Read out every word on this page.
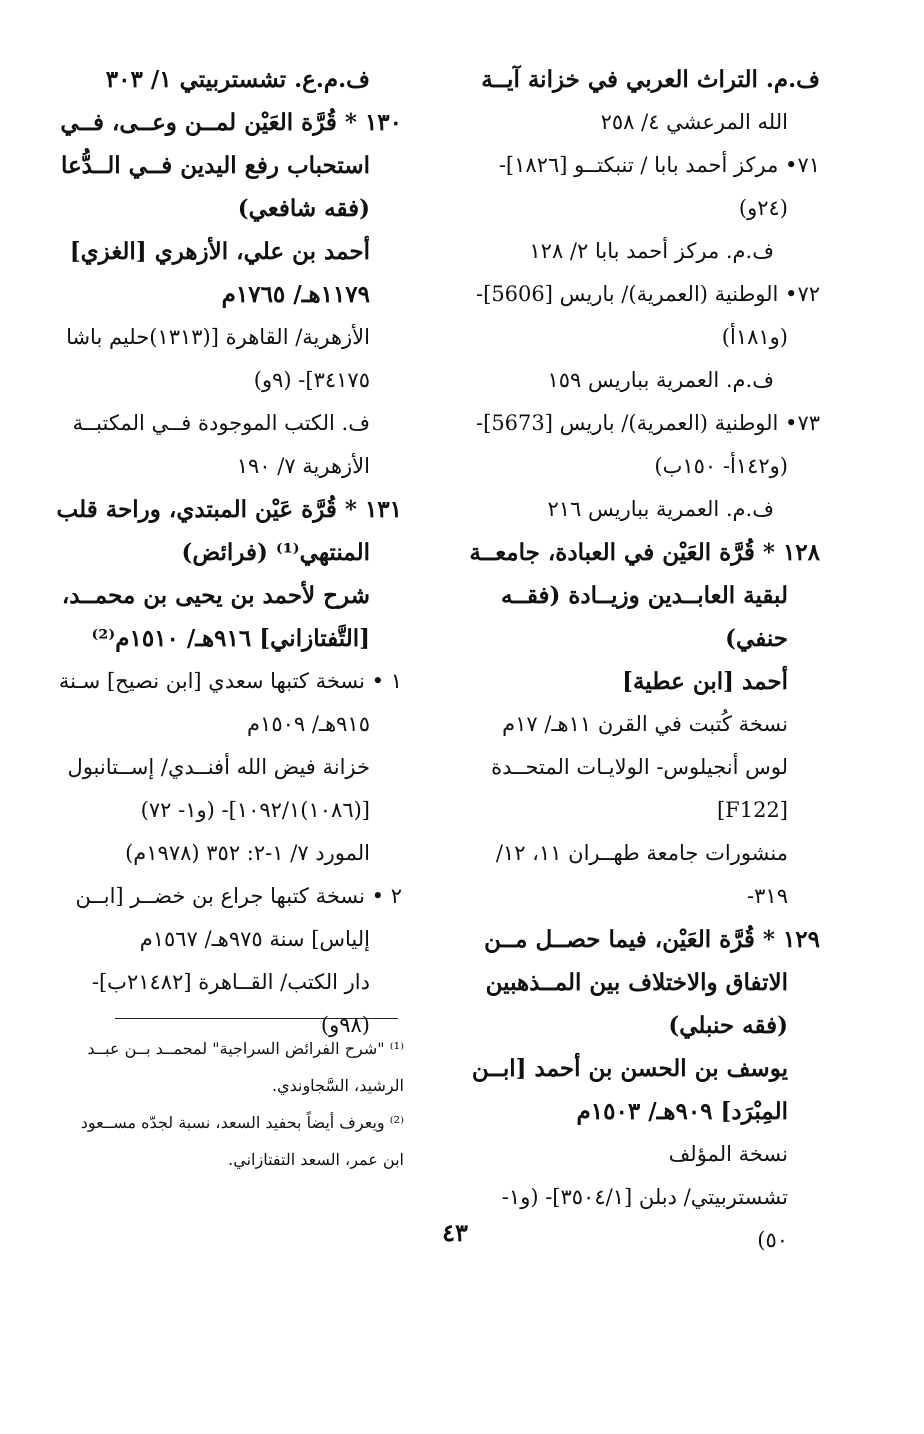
ف.م. التراث العربي في خزانة آيــة
الله المرعشي ٤/ ٢٥٨
٧١• مركز أحمد بابا / تنبكتــو [١٨٢٦]-
(٢٤و)
ف.م. مركز أحمد بابا ٢/ ١٢٨
٧٢• الوطنية (العمرية)/ باريس [5606]-
(و١٨١أ)
ف.م. العمرية بباريس ١٥٩
٧٣• الوطنية (العمرية)/ باريس [5673]-
(و١٤٢أ- ١٥٠ب)
ف.م. العمرية بباريس ٢١٦
١٢٨ * قُرَّة العَيْن في العبادة، جامعــة
لبقية العابــدين وزيــادة (فقــه
حنفي)
أحمد [ابن عطية]
نسخة كُتبت في القرن ١١هـ/ ١٧م
لوس أنجيلوس- الولايـات المتحــدة
[F122]
منشورات جامعة طهــران ١١، ١٢/
٣١٩-
١٢٩ * قُرَّة العَيْن، فيما حصــل مــن
الاتفاق والاختلاف بين المــذهبين
(فقه حنبلي)
يوسف بن الحسن بن أحمد [ابــن
المِبْرَد] ٩٠٩هـ/ ١٥٠٣م
نسخة المؤلف
تشستربيتي/ دبلن [٣٥٠٤/١]- (و١-
٥٠)
ف.م.ع. تشستربيتي ١/ ٣٠٣
١٣٠ * قُرَّة العَيْن لمــن وعــى، فــي
استحباب رفع اليدين فــي الــدُّعا
(فقه شافعي)
أحمد بن علي، الأزهري [الغزي]
١١٧٩هـ/ ١٧٦٥م
الأزهرية/ القاهرة [(١٣١٣)حليم باشا
٣٤١٧٥]- (٩و)
ف. الكتب الموجودة فــي المكتبــة
الأزهرية ٧/ ١٩٠
١٣١ * قُرَّة عَيْن المبتدي، وراحة قلب
المنتهي⁽¹⁾ (فرائض)
شرح لأحمد بن يحيى بن محمــد،
[التَّفتازاني] ٩١٦هـ/ ١٥١٠م⁽²⁾
١ • نسخة كتبها سعدي [ابن نصيح] سـنة
٩١٥هـ/ ١٥٠٩م
خزانة فيض الله أفنــدي/ إســتانبول
[(١٠٨٦)١٠٩٢/١]- (و١- ٧٢)
المورد ٧/ ١-٢: ٣٥٢ (١٩٧٨م)
٢ • نسخة كتبها جراع بن خضــر [ابــن
إلياس] سنة ٩٧٥هـ/ ١٥٦٧م
دار الكتب/ القــاهرة [٢١٤٨٢ب]-
(٩٨و)
⁽¹⁾ "شرح الفرائض السراجية" لمحمــد بــن عبــد
الرشيد، السَّجاوندي.
⁽²⁾ ويعرف أيضاً بحفيد السعد، نسبة لجدّه مســعود
ابن عمر، السعد التفتازاني.
٤٣
